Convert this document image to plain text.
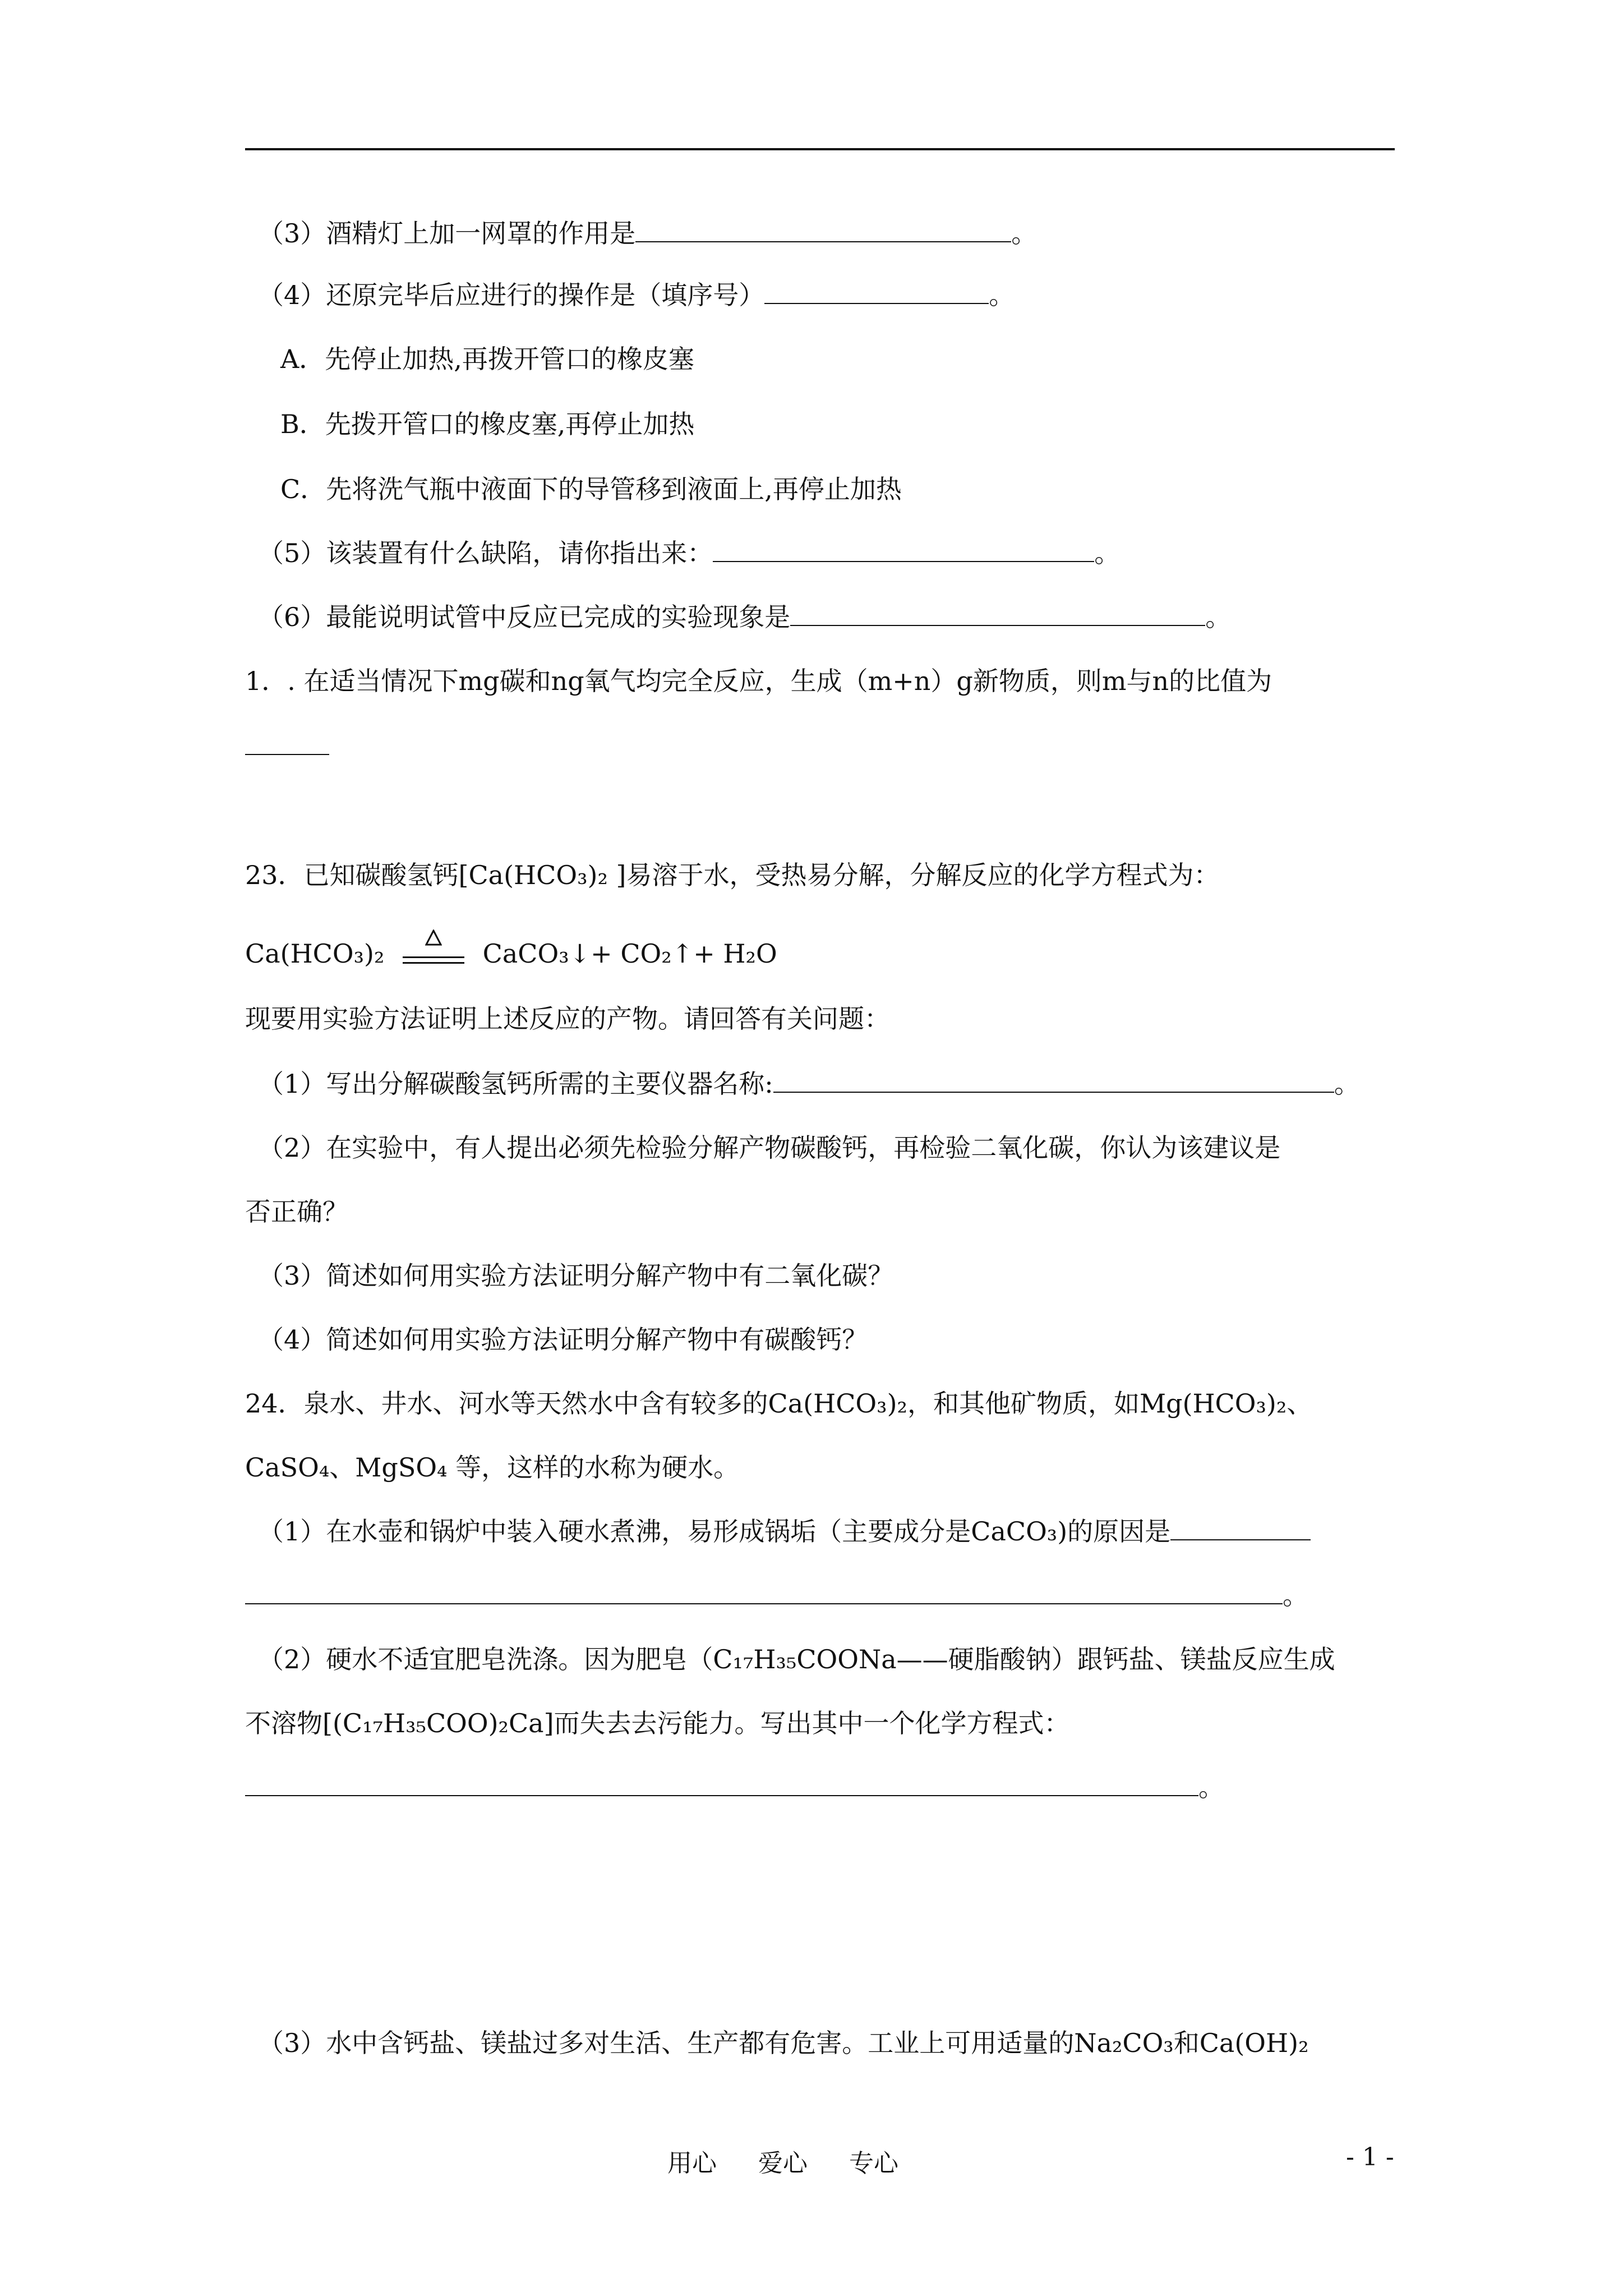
（3）酒精灯上加一网罩的作用是	。
（4）还原完毕后应进行的操作是（填序号）	。
A．先停止加热,再拨开管口的橡皮塞
B．先拨开管口的橡皮塞,再停止加热
C．先将洗气瓶中液面下的导管移到液面上,再停止加热
（5）该装置有什么缺陷，请你指出来：	。
（6）最能说明试管中反应已完成的实验现象是	。
1．. 在适当情况下mg碳和ng氧气均完全反应，生成（m+n）g新物质，则m与n的比值为
23．已知碳酸氢钙[Ca(HCO₃)₂ ]易溶于水，受热易分解，分解反应的化学方程式为：
Ca(HCO₃)₂	CaCO₃↓+ CO₂↑+ H₂O
现要用实验方法证明上述反应的产物。请回答有关问题：
（1）写出分解碳酸氢钙所需的主要仪器名称:	。
（2）在实验中，有人提出必须先检验分解产物碳酸钙，再检验二氧化碳，你认为该建议是
否正确？
（3）简述如何用实验方法证明分解产物中有二氧化碳？
（4）简述如何用实验方法证明分解产物中有碳酸钙？
24．泉水、井水、河水等天然水中含有较多的Ca(HCO₃)₂，和其他矿物质，如Mg(HCO₃)₂、
CaSO₄、MgSO₄ 等，这样的水称为硬水。
（1）在水壶和锅炉中装入硬水煮沸，易形成锅垢（主要成分是CaCO₃)的原因是
。
（2）硬水不适宜肥皂洗涤。因为肥皂（C₁₇H₃₅COONa——硬脂酸钠）跟钙盐、镁盐反应生成
不溶物[(C₁₇H₃₅COO)₂Ca]而失去去污能力。写出其中一个化学方程式：
。
（3）水中含钙盐、镁盐过多对生活、生产都有危害。工业上可用适量的Na₂CO₃和Ca(OH)₂
用心 爱心 专心	- 1 -
